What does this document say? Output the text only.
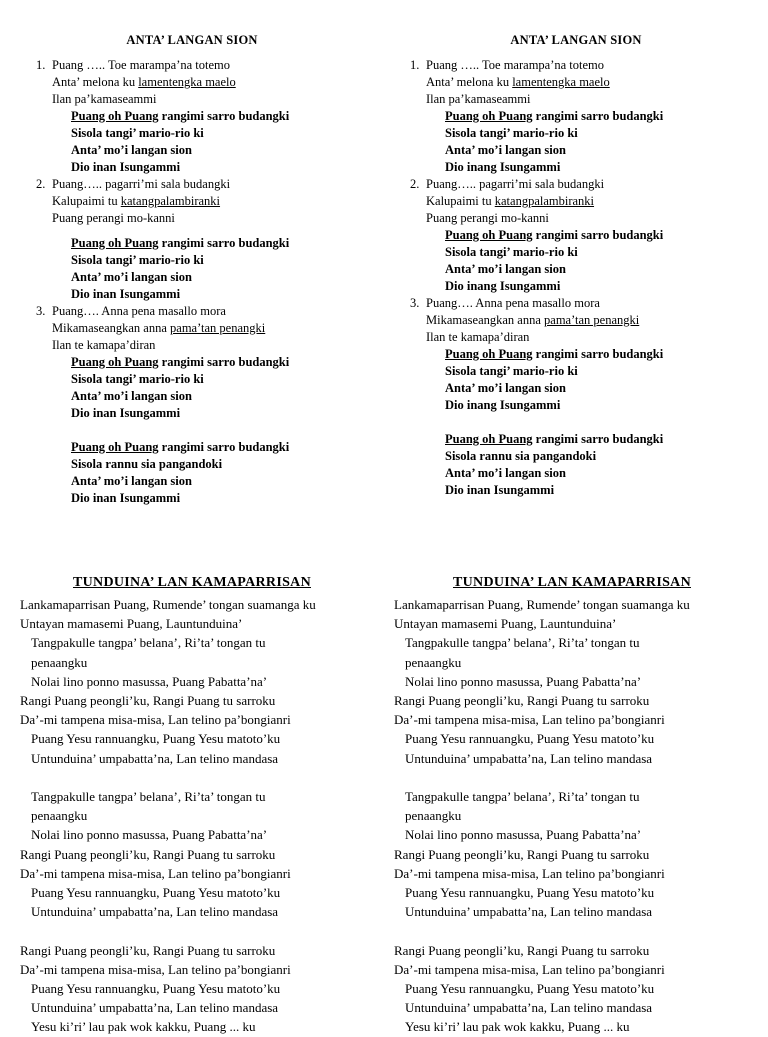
ANTA’ LANGAN SION
1. Puang ….. Toe marampa’na totemo
Anta’ melona ku lamentengka maelo
Ilan pa’kamaseammi
Puang oh Puang rangimi sarro budangki
Sisola tangi’ mario-rio ki
Anta’ mo’i langan sion
Dio inan Isungammi
2. Puang….. pagarri’mi sala budangki
Kalupaimi tu katangpalambiranki
Puang perangi mo-kanni
Puang oh Puang rangimi sarro budangki
Sisola tangi’ mario-rio ki
Anta’ mo’i langan sion
Dio inan Isungammi
3. Puang…. Anna pena masallo mora
Mikamaseangkan anna pama’tan penangki
Ilan te kamapa’diran
Puang oh Puang rangimi sarro budangki
Sisola tangi’ mario-rio ki
Anta’ mo’i langan sion
Dio inan Isungammi
Puang oh Puang rangimi sarro budangki
Sisola rannu sia pangandoki
Anta’ mo’i langan sion
Dio inan Isungammi
TUNDUINA’ LAN KAMAPARRISAN
Lankamaparrisan Puang, Rumende’ tongan suamanga ku
Untayan mamasemi Puang, Launtunduina’
Tangpakulle tangpa’ belana’, Ri’ta’ tongan tu
penaangku
Nolai lino ponno masussa, Puang Pabatta’na’
Rangi Puang peongli’ku, Rangi Puang tu sarroku
Da’-mi tampena misa-misa, Lan telino pa’bongianri
Puang Yesu rannuangku, Puang Yesu matoto’ku
Untunduina’ umpabatta’na, Lan telino mandasa
Tangpakulle tangpa’ belana’, Ri’ta’ tongan tu
penaangku
Nolai lino ponno masussa, Puang Pabatta’na’
Rangi Puang peongli’ku, Rangi Puang tu sarroku
Da’-mi tampena misa-misa, Lan telino pa’bongianri
Puang Yesu rannuangku, Puang Yesu matoto’ku
Untunduina’ umpabatta’na, Lan telino mandasa
Rangi Puang peongli’ku, Rangi Puang tu sarroku
Da’-mi tampena misa-misa, Lan telino pa’bongianri
Puang Yesu rannuangku, Puang Yesu matoto’ku
Untunduina’ umpabatta’na, Lan telino mandasa
Yesu ki’ri’ lau pak wok kakku, Puang ... ku
ANTA’ LANGAN SION
1. Puang ….. Toe marampa’na totemo
Anta’ melona ku lamentengka maelo
Ilan pa’kamaseammi
Puang oh Puang rangimi sarro budangki
Sisola tangi’ mario-rio ki
Anta’ mo’i langan sion
Dio inang Isungammi
2. Puang….. pagarri’mi sala budangki
Kalupaimi tu katangpalambiranki
Puang perangi mo-kanni
Puang oh Puang rangimi sarro budangki
Sisola tangi’ mario-rio ki
Anta’ mo’i langan sion
Dio inang Isungammi
3. Puang…. Anna pena masallo mora
Mikamaseangkan anna pama’tan penangki
Ilan te kamapa’diran
Puang oh Puang rangimi sarro budangki
Sisola tangi’ mario-rio ki
Anta’ mo’i langan sion
Dio inang Isungammi
Puang oh Puang rangimi sarro budangki
Sisola rannu sia pangandoki
Anta’ mo’i langan sion
Dio inan Isungammi
TUNDUINA’ LAN KAMAPARRISAN
Lankamaparrisan Puang, Rumende’ tongan suamanga ku
Untayan mamasemi Puang, Launtunduina’
Tangpakulle tangpa’ belana’, Ri’ta’ tongan tu
penaangku
Nolai lino ponno masussa, Puang Pabatta’na’
Rangi Puang peongli’ku, Rangi Puang tu sarroku
Da’-mi tampena misa-misa, Lan telino pa’bongianri
Puang Yesu rannuangku, Puang Yesu matoto’ku
Untunduina’ umpabatta’na, Lan telino mandasa
Tangpakulle tangpa’ belana’, Ri’ta’ tongan tu
penaangku
Nolai lino ponno masussa, Puang Pabatta’na’
Rangi Puang peongli’ku, Rangi Puang tu sarroku
Da’-mi tampena misa-misa, Lan telino pa’bongianri
Puang Yesu rannuangku, Puang Yesu matoto’ku
Untunduina’ umpabatta’na, Lan telino mandasa
Rangi Puang peongli’ku, Rangi Puang tu sarroku
Da’-mi tampena misa-misa, Lan telino pa’bongianri
Puang Yesu rannuangku, Puang Yesu matoto’ku
Untunduina’ umpabatta’na, Lan telino mandasa
Yesu ki’ri’ lau pak wok kakku, Puang ... ku
